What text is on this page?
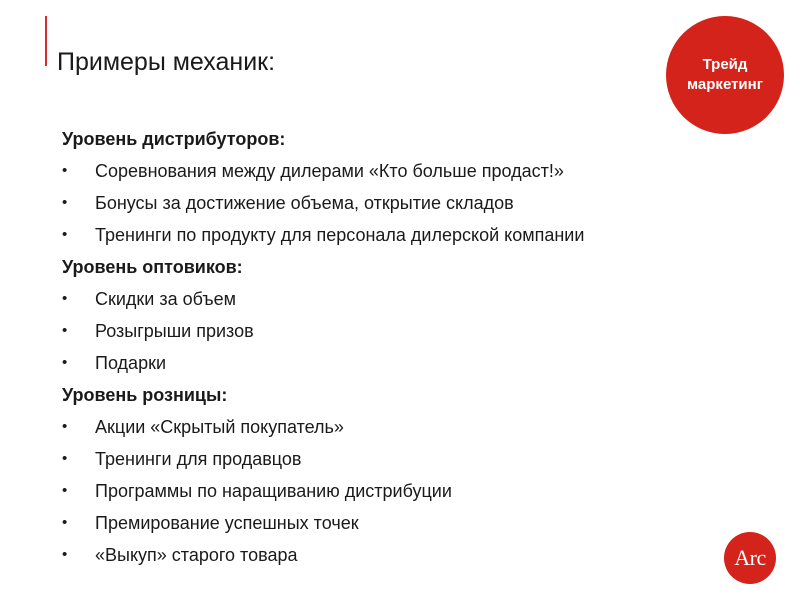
Примеры механик:	Трейд маркетинг
Уровень дистрибуторов:
• Соревнования между дилерами «Кто больше продаст!»
• Бонусы за достижение объема, открытие складов
• Тренинги по продукту для персонала дилерской компании
Уровень оптовиков:
• Скидки за объем
• Розыгрыши призов
• Подарки
Уровень розницы:
• Акции «Скрытый покупатель»
• Тренинги для продавцов
• Программы по наращиванию дистрибуции
• Премирование успешных точек
• «Выкуп» старого товара	Arc
